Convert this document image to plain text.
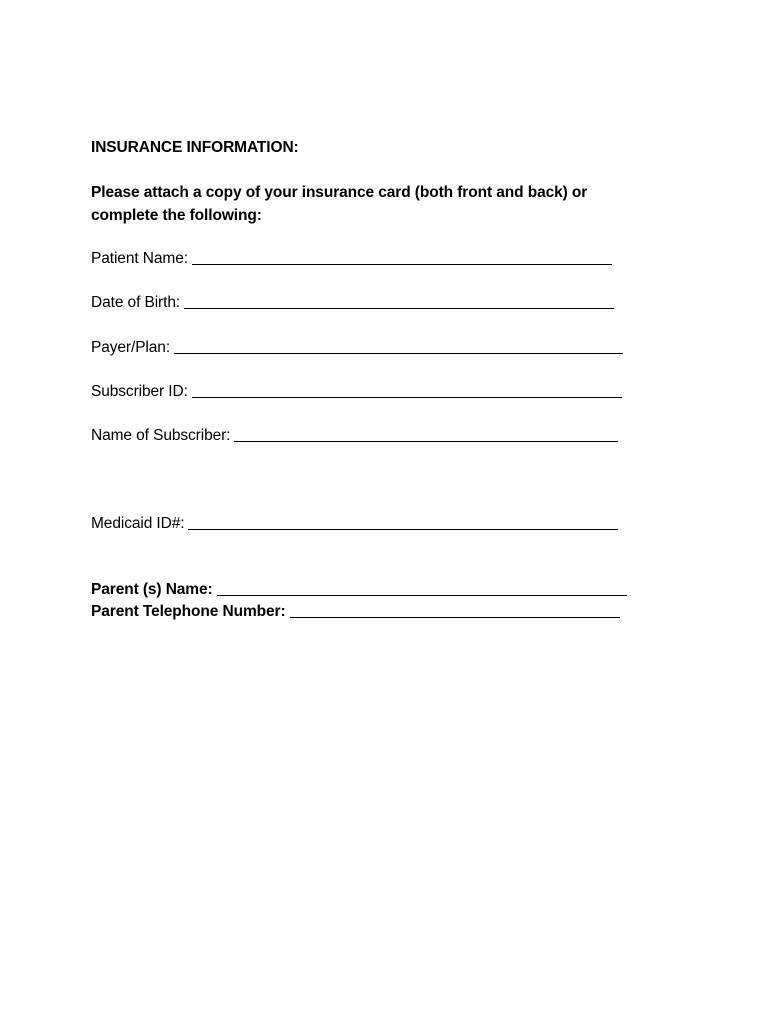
INSURANCE INFORMATION:
Please attach a copy of your insurance card (both front and back) or
complete the following:
Patient Name:
Date of Birth:
Payer/Plan:
Subscriber ID:
Name of Subscriber:
Medicaid ID#:
Parent (s) Name:
Parent Telephone Number:
